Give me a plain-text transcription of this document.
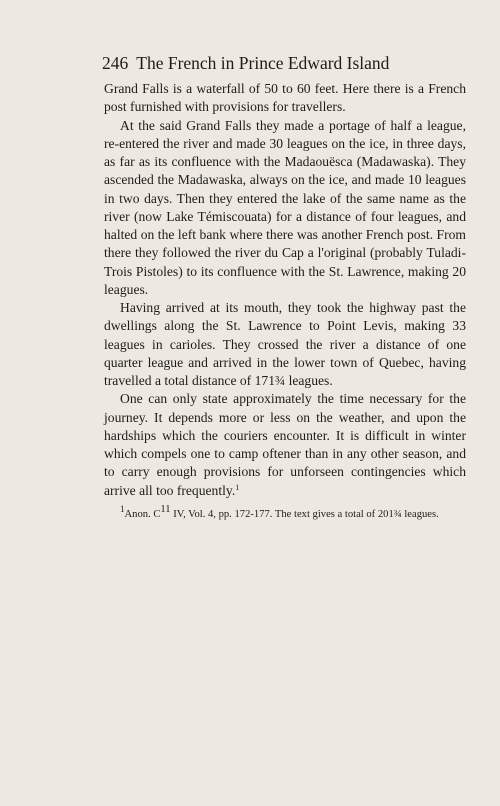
246 The French in Prince Edward Island

Grand Falls is a waterfall of 50 to 60 feet. Here there is a French post furnished with provisions for travellers.

At the said Grand Falls they made a portage of half a league, re-entered the river and made 30 leagues on the ice, in three days, as far as its confluence with the Madaouësca (Madawaska). They ascended the Madawaska, always on the ice, and made 10 leagues in two days. Then they entered the lake of the same name as the river (now Lake Témiscouata) for a distance of four leagues, and halted on the left bank where there was another French post. From there they followed the river du Cap a l'original (probably Tuladi-Trois Pistoles) to its confluence with the St. Lawrence, making 20 leagues.

Having arrived at its mouth, they took the highway past the dwellings along the St. Lawrence to Point Levis, making 33 leagues in carioles. They crossed the river a distance of one quarter league and arrived in the lower town of Quebec, having travelled a total distance of 171¾ leagues.

One can only state approximately the time necessary for the journey. It depends more or less on the weather, and upon the hardships which the couriers encounter. It is difficult in winter which compels one to camp oftener than in any other season, and to carry enough provisions for unforseen contingencies which arrive all too frequently.$^1$

$^1$Anon. C$^{11}$ IV, Vol. 4, pp. 172-177. The text gives a total of 201¾ leagues.
